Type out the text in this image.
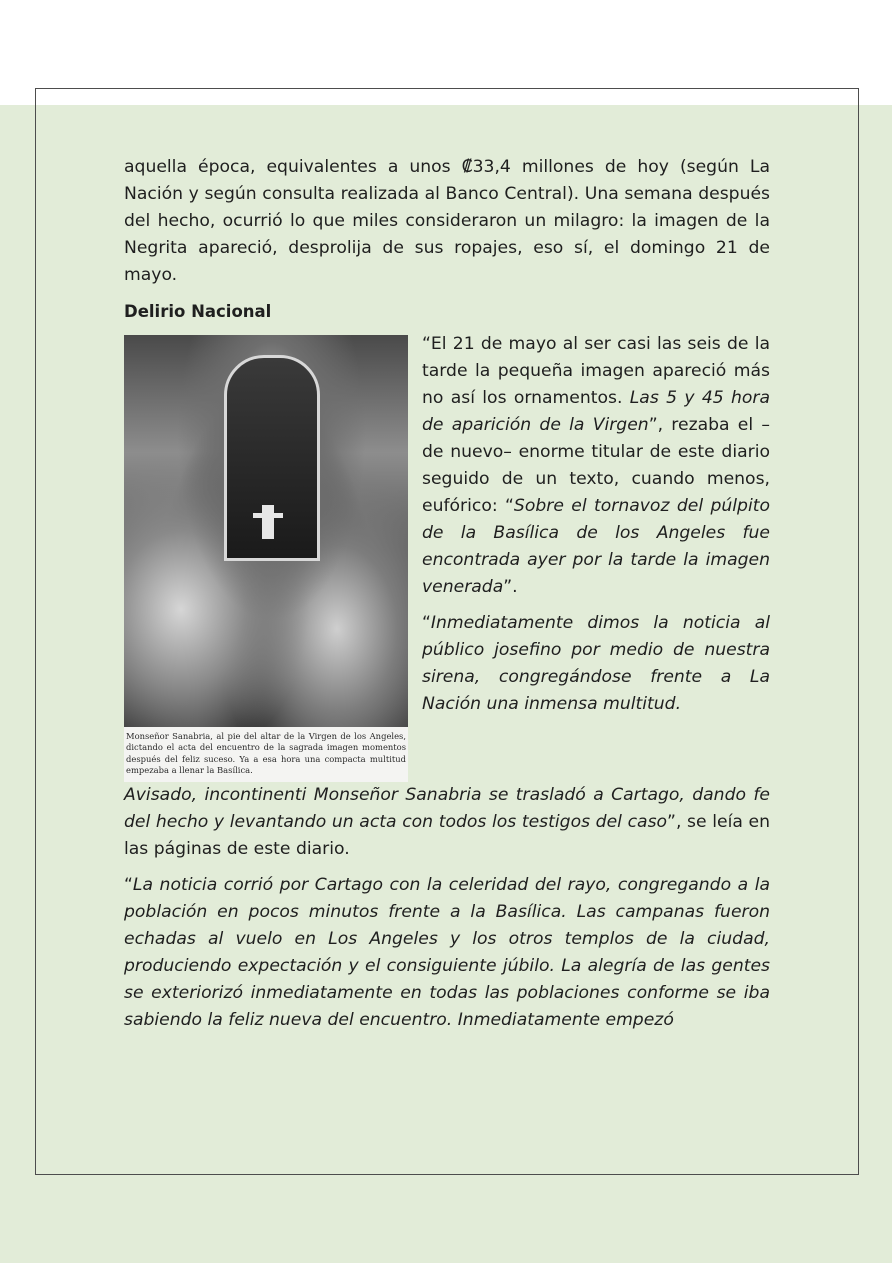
aquella época, equivalentes a unos ₡33,4 millones de hoy (según La Nación y según consulta realizada al Banco Central). Una semana después del hecho, ocurrió lo que miles consideraron un milagro: la imagen de la Negrita apareció, desprolija de sus ropajes, eso sí, el domingo 21 de mayo.

Delirio Nacional
Monseñor Sanabria, al pie del altar de la Virgen de los Angeles, dictando el acta del encuentro de la sagrada imagen momentos después del feliz suceso. Ya a esa hora una compacta multitud empezaba a llenar la Basílica.

“El 21 de mayo al ser casi las seis de la tarde la pequeña imagen apareció más no así los ornamentos. Las 5 y 45 hora de aparición de la Virgen”, rezaba el –de nuevo– enorme titular de este diario seguido de un texto, cuando menos, eufórico: “Sobre el tornavoz del púlpito de la Basílica de los Angeles fue encontrada ayer por la tarde la imagen venerada”.

“Inmediatamente dimos la noticia al público josefino por medio de nuestra sirena, congregándose frente a La Nación una inmensa multitud.

Avisado, incontinenti Monseñor Sanabria se trasladó a Cartago, dando fe del hecho y levantando un acta con todos los testigos del caso”, se leía en las páginas de este diario.

“La noticia corrió por Cartago con la celeridad del rayo, congregando a la población en pocos minutos frente a la Basílica. Las campanas fueron echadas al vuelo en Los Angeles y los otros templos de la ciudad, produciendo expectación y el consiguiente júbilo. La alegría de las gentes se exteriorizó inmediatamente en todas las poblaciones conforme se iba sabiendo la feliz nueva del encuentro. Inmediatamente empezó
